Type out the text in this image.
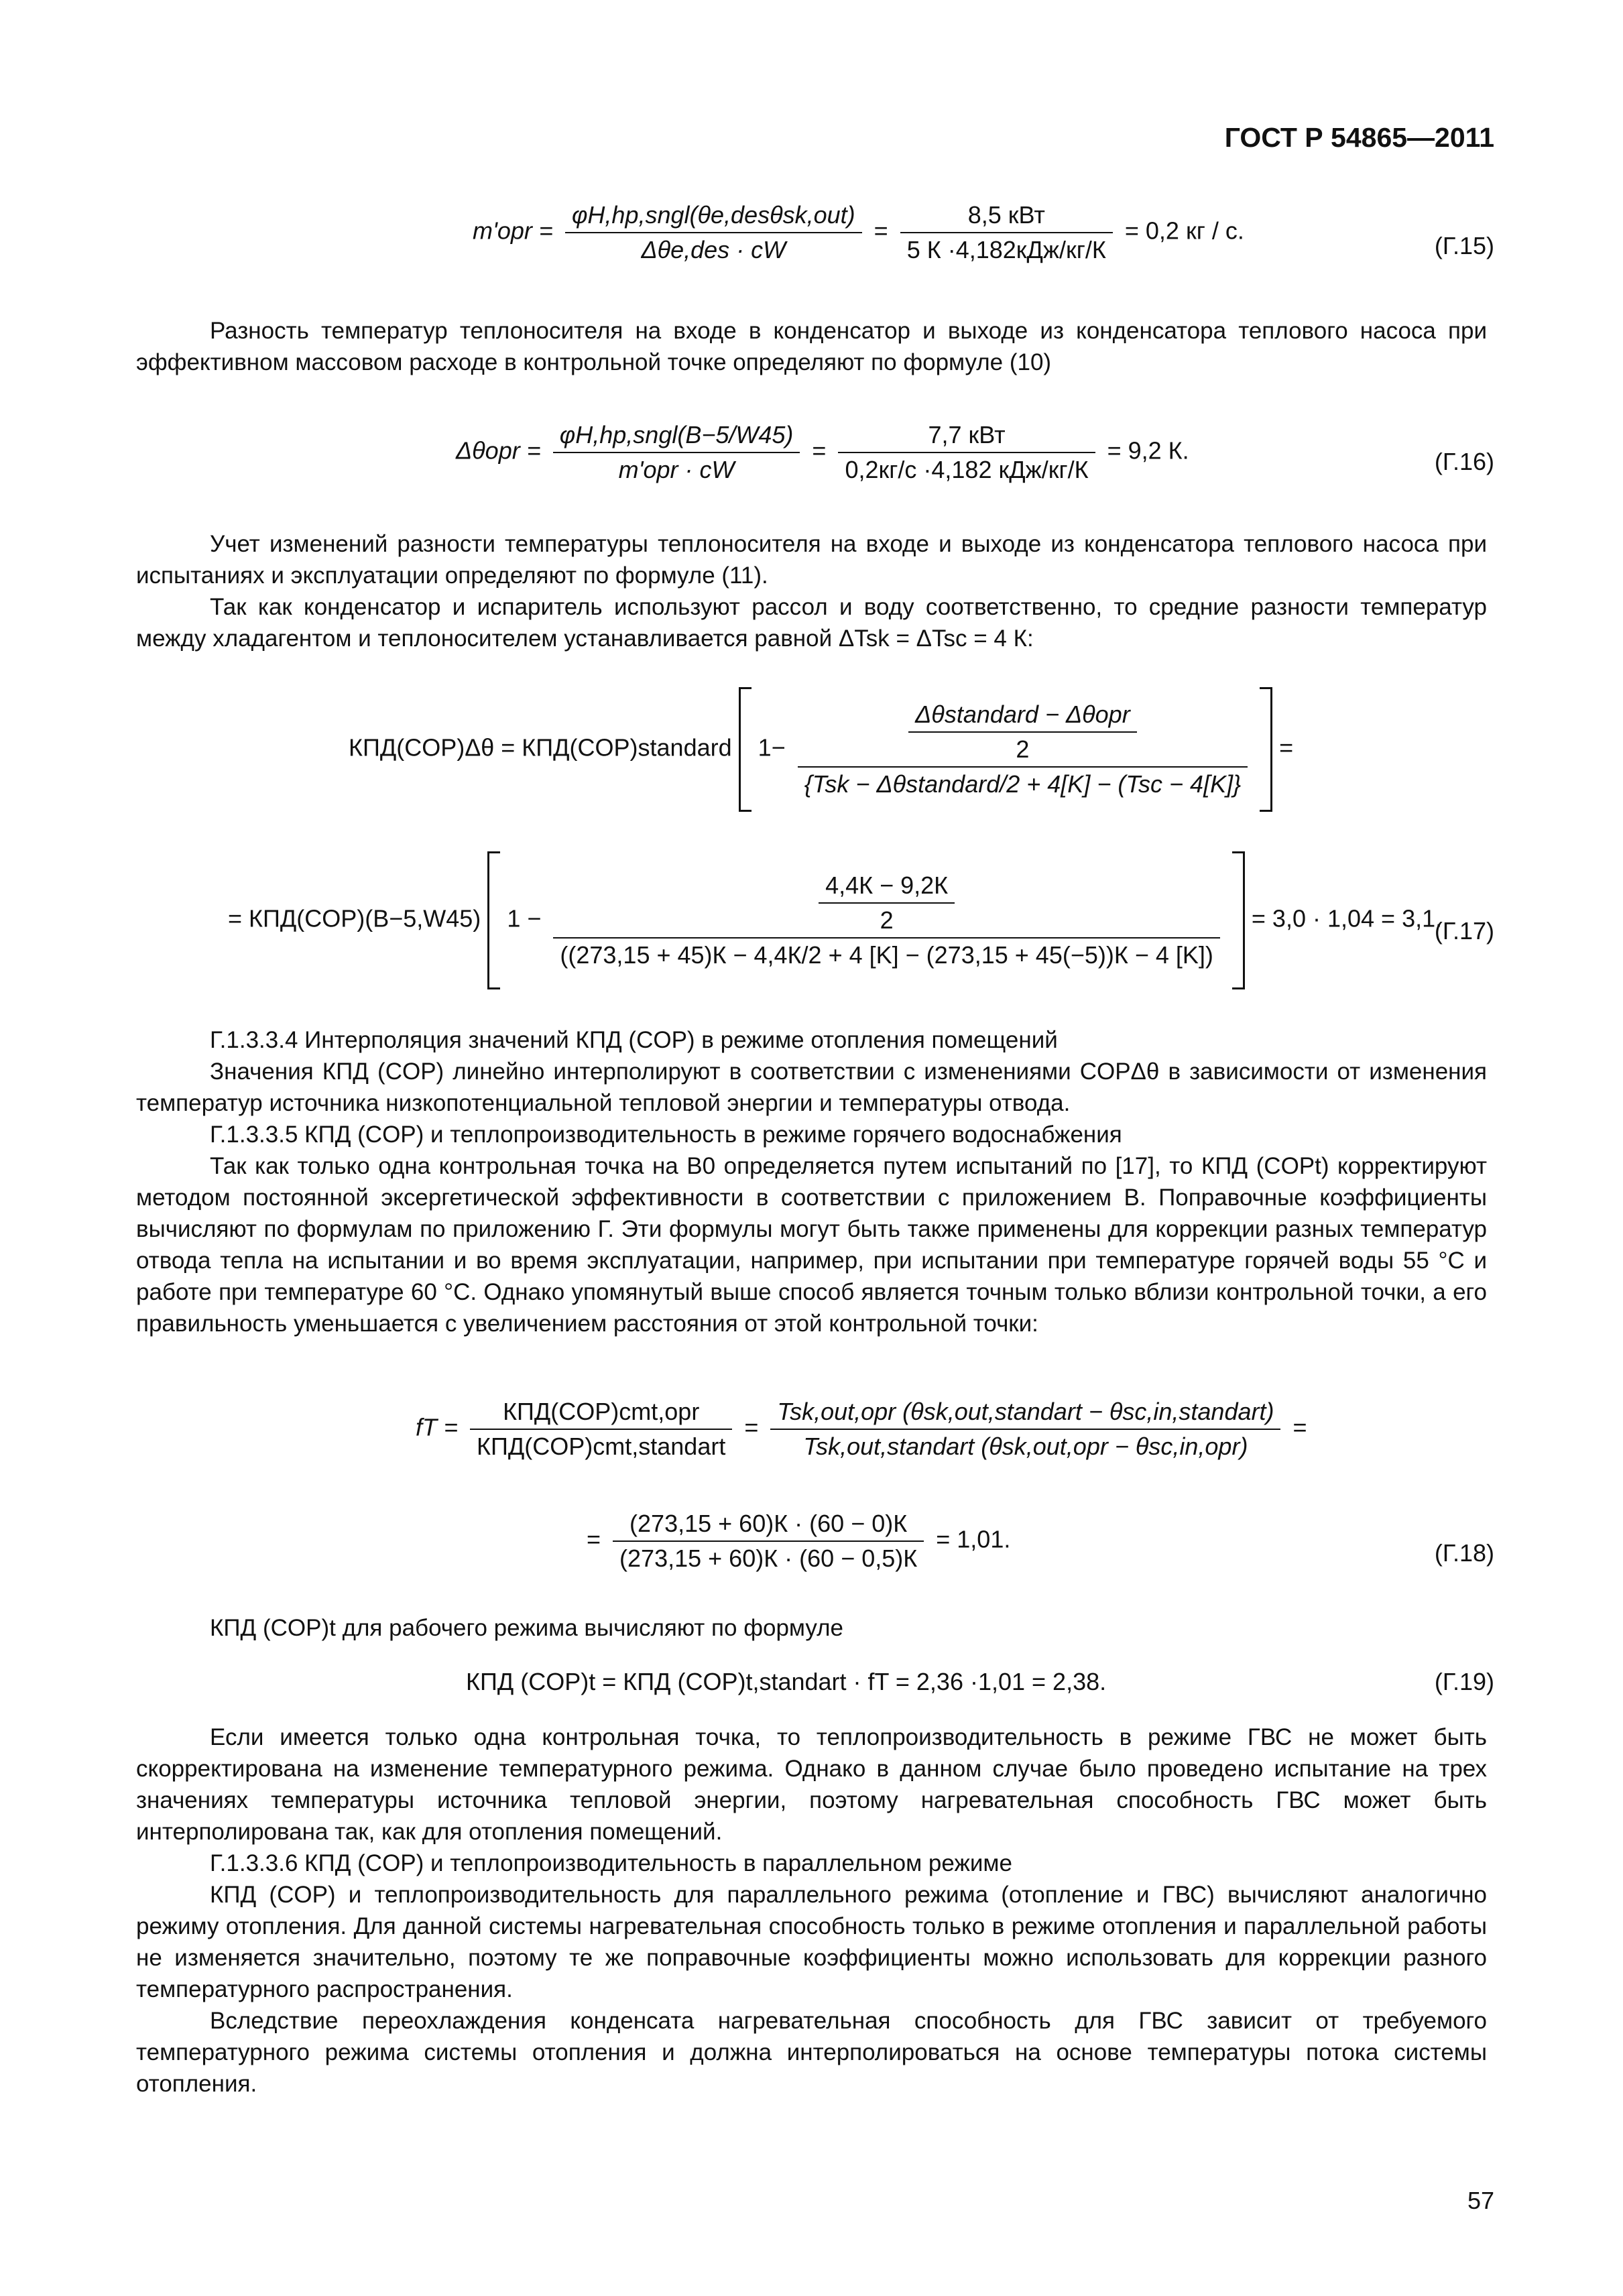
ГОСТ Р 54865—2011
$m'opr = \frac{\text{φH,hp,sngl(θe,desθsk,out)}}{\text{Δθe,des · cW}} = \frac{\text{8,5 кВт}}{\text{5 К ·4,182кДж/кг/К}} = 0,2$ кг / с.
(Г.15)

Разность температур теплоносителя на входе в конденсатор и выходе из конденсатора теплового насоса при эффективном массовом расходе в контрольной точке определяют по формуле (10)

$\Delta\theta opr = \frac{\text{φH,hp,sngl(B−5/W45)}}{\text{m'opr · cW}} = \frac{\text{7,7 кВт}}{\text{0,2кг/с ·4,182 кДж/кг/К}} = 9,2$ К.	(Г.16)

Учет изменений разности температуры теплоносителя на входе и выходе из конденсатора теплового насоса при испытаниях и эксплуатации определяют по формуле (11).

Так как конденсатор и испаритель используют рассол и воду соответственно, то средние разности температур между хладагентом и теплоносителем устанавливается равной ΔTsk = ΔTsc = 4 К:

КПД(COP)Δθ = КПД(COP)standard $1- \frac{\frac{\text{Δθstandard − Δθopr}}{2}}{\text{\{Tsk − Δθstandard/2 + 4[K] − (Tsc − 4[K]\}}}$ =
= КПД(COP)(B−5,W45) 1 −	$\frac{4,4К - 9,2К}{2}$
((273,15 + 45)К − 4,4К/2 + 4 [K] − (273,15 + 45(−5))К − 4 [K])
= 3,0 · 1,04 = 3,1.
(Г.17)

Г.1.3.3.4 Интерполяция значений КПД (COP) в режиме отопления помещений

Значения КПД (COP) линейно интерполируют в соответствии с изменениями COPΔθ в зависимости от изменения температур источника низкопотенциальной тепловой энергии и температуры отвода.

Г.1.3.3.5 КПД (COP) и теплопроизводительность в режиме горячего водоснабжения

Так как только одна контрольная точка на В0 определяется путем испытаний по [17], то КПД (COPt) корректируют методом постоянной эксергетической эффективности в соответствии с приложением В. Поправочные коэффициенты вычисляют по формулам по приложению Г. Эти формулы могут быть также применены для коррекции разных температур отвода тепла на испытании и во время эксплуатации, например, при испытании при температуре горячей воды 55 °С и работе при температуре 60 °С. Однако упомянутый выше способ является точным только вблизи контрольной точки, а его правильность уменьшается с увеличением расстояния от этой контрольной точки:

fT = $\frac{\text{КПД(COP)cmt,opr}}{\text{КПД(COP)cmt,standart}} = \frac{\text{Tsk,out,opr (θsk,out,standart − θsc,in,standart)}}{\text{Tsk,out,standart (θsk,out,opr − θsc,in,opr)}}$ =
= $\frac{(273,15 + 60)К \cdot (60 - 0)К}{(273,15 + 60)К \cdot (60 - 0,5)К} = 1,01$.	(Г.18)

КПД (COP)t для рабочего режима вычисляют по формуле

КПД (COP)t = КПД (COP)t,standart · fT = 2,36 ·1,01 = 2,38.	(Г.19)

Если имеется только одна контрольная точка, то теплопроизводительность в режиме ГВС не может быть скорректирована на изменение температурного режима. Однако в данном случае было проведено испытание на трех значениях температуры источника тепловой энергии, поэтому нагревательная способность ГВС может быть интерполирована так, как для отопления помещений.

Г.1.3.3.6 КПД (COP) и теплопроизводительность в параллельном режиме

КПД (COP) и теплопроизводительность для параллельного режима (отопление и ГВС) вычисляют аналогично режиму отопления. Для данной системы нагревательная способность только в режиме отопления и параллельной работы не изменяется значительно, поэтому те же поправочные коэффициенты можно использовать для коррекции разного температурного распространения.

Вследствие переохлаждения конденсата нагревательная способность для ГВС зависит от требуемого температурного режима системы отопления и должна интерполироваться на основе температуры потока системы отопления.

57
